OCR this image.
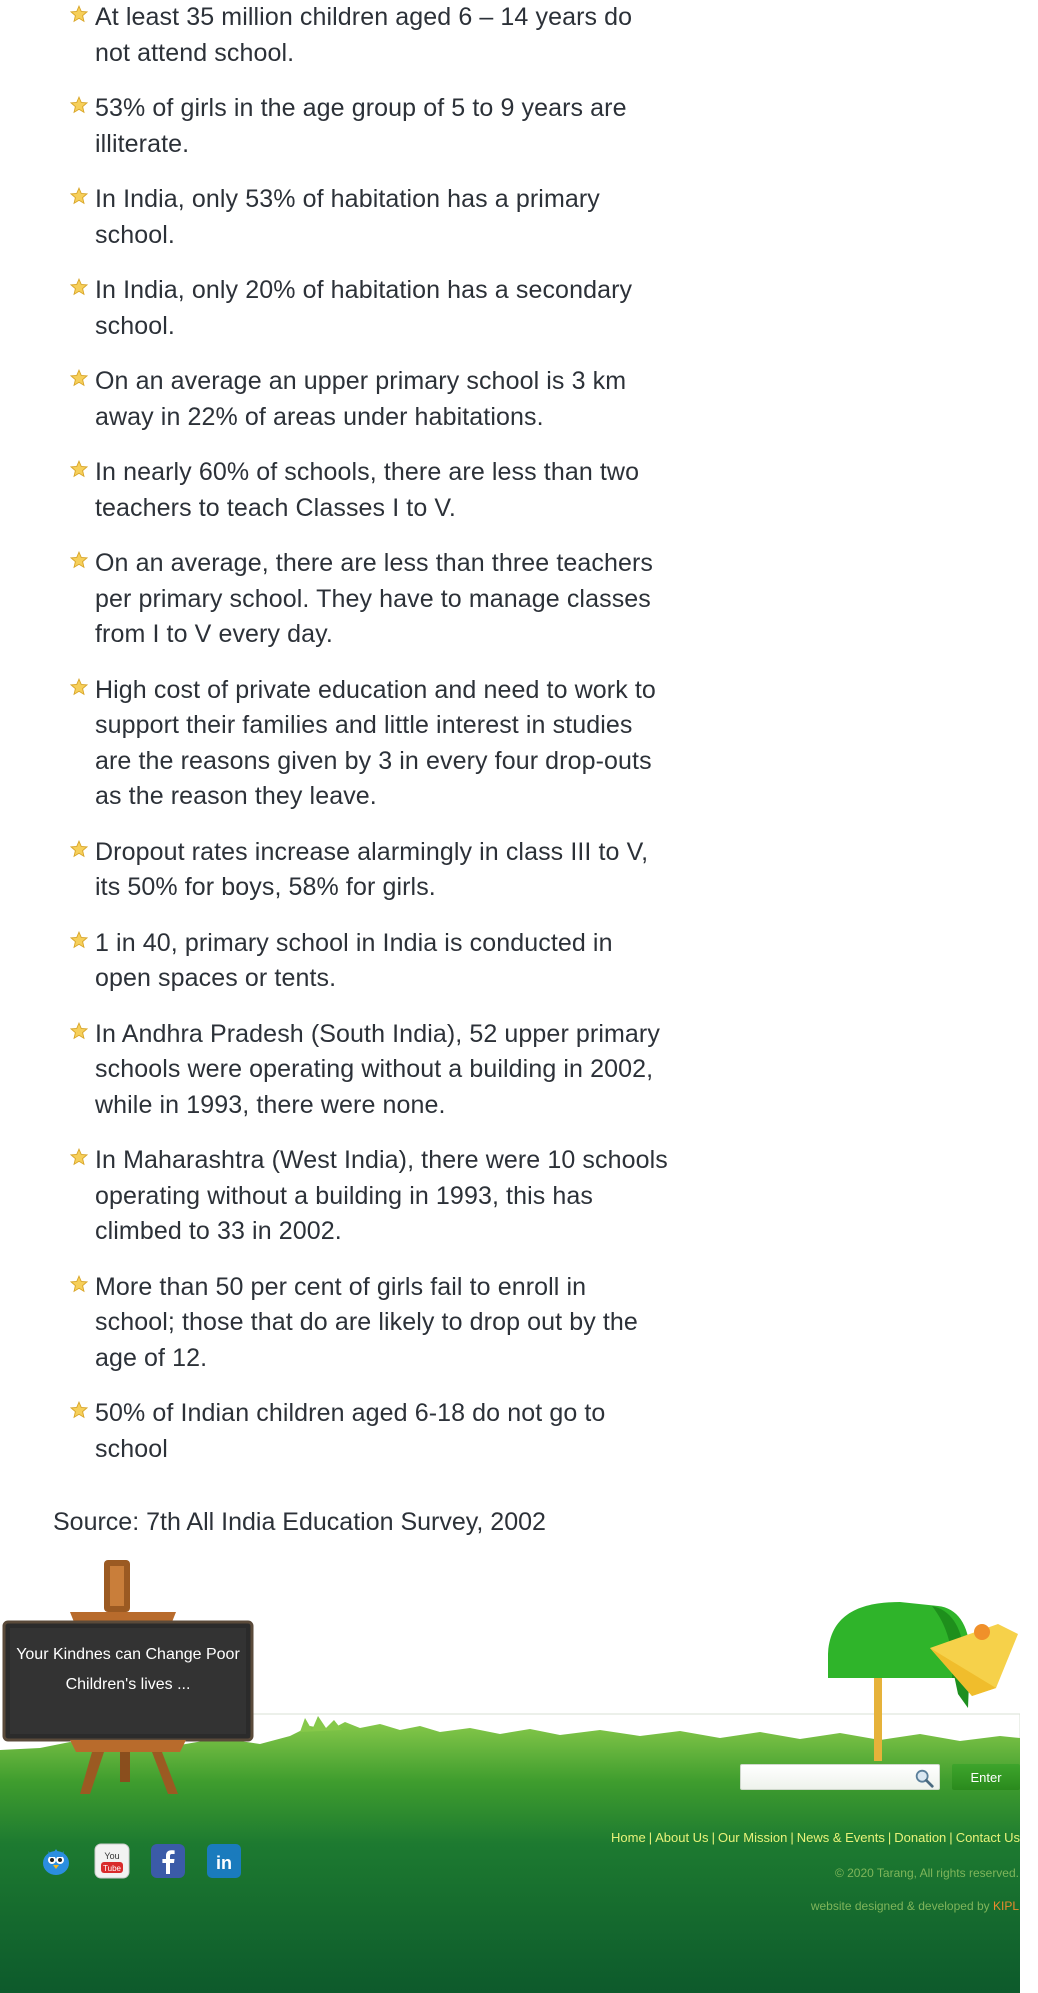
At least 35 million children aged 6 – 14 years do not attend school.
53% of girls in the age group of 5 to 9 years are illiterate.
In India, only 53% of habitation has a primary school.
In India, only 20% of habitation has a secondary school.
On an average an upper primary school is 3 km away in 22% of areas under habitations.
In nearly 60% of schools, there are less than two teachers to teach Classes I to V.
On an average, there are less than three teachers per primary school. They have to manage classes from I to V every day.
High cost of private education and need to work to support their families and little interest in studies are the reasons given by 3 in every four drop-outs as the reason they leave.
Dropout rates increase alarmingly in class III to V, its 50% for boys, 58% for girls.
1 in 40, primary school in India is conducted in open spaces or tents.
In Andhra Pradesh (South India), 52 upper primary schools were operating without a building in 2002, while in 1993, there were none.
In Maharashtra (West India), there were 10 schools operating without a building in 1993, this has climbed to 33 in 2002.
More than 50 per cent of girls fail to enroll in school; those that do are likely to drop out by the age of 12.
50% of Indian children aged 6-18 do not go to school

Source: 7th All India Education Survey, 2002

Your Kindnes can Change Poor
Children's lives ...
Enter
You
Tube	in
Home | About Us | Our Mission | News & Events | Donation | Contact Us
© 2020 Tarang, All rights reserved.
website designed & developed by KIPL
